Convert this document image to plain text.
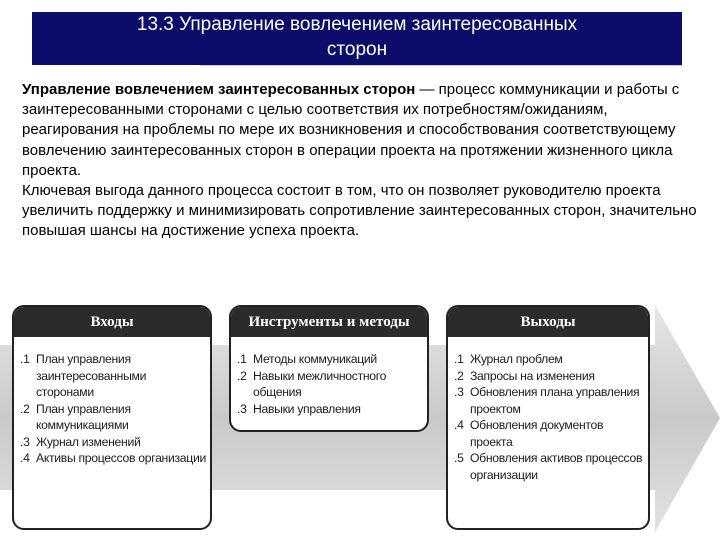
13.3 Управление вовлечением заинтересованных
сторон

Управление вовлечением заинтересованных сторон — процесс коммуникации и работы с заинтересованными сторонами с целью соответствия их потребностям/ожиданиям, реагирования на проблемы по мере их возникновения и способствования соответствующему вовлечению заинтересованных сторон в операции проекта на протяжении жизненного цикла проекта.

Ключевая выгода данного процесса состоит в том, что он позволяет руководителю проекта увеличить поддержку и минимизировать сопротивление заинтересованных сторон, значительно повышая шансы на достижение успеха проекта.

Входы
.1 План управления заинтересованными сторонами
.2 План управления коммуникациями
.3 Журнал изменений
.4 Активы процессов организации
Инструменты и методы
.1 Методы коммуникаций
.2 Навыки межличностного общения
.3 Навыки управления
Выходы
.1 Журнал проблем
.2 Запросы на изменения
.3 Обновления плана управления проектом
.4 Обновления документов проекта
.5 Обновления активов процессов организации
